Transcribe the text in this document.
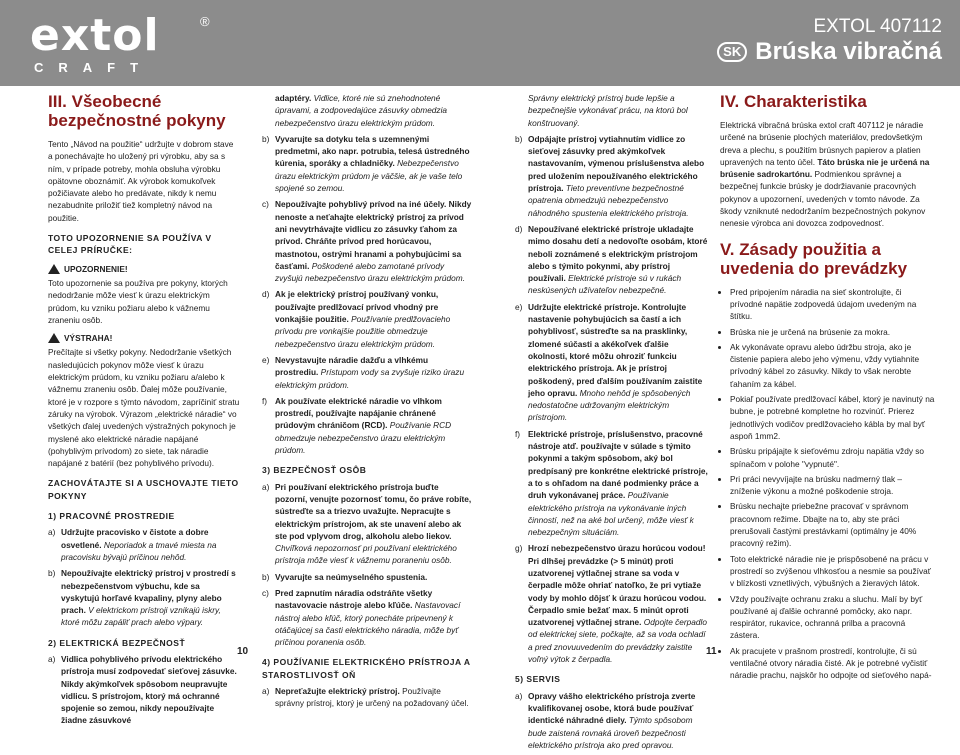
extol	®
CRAFT
EXTOL 407112
SK Brúska vibračná
III. Všeobecné bezpečnostné pokyny

Tento „Návod na použitie“ udržujte v dobrom stave a ponechávajte ho uložený pri výrobku, aby sa s ním, v prípade potreby, mohla obsluha výrobku opätovne oboznámiť. Ak výrobok komukoľvek požičiavate alebo ho predávate, nikdy k nemu nezabudnite priložiť tiež kompletný návod na použitie.

TOTO UPOZORNENIE SA POUŽÍVA V CELEJ PRÍRUČKE:
UPOZORNENIE!

Toto upozornenie sa používa pre pokyny, ktorých nedodržanie môže viesť k úrazu elektrickým prúdom, ku vzniku požiaru alebo k vážnemu zraneniu osôb.

VÝSTRAHA!

Prečítajte si všetky pokyny. Nedodržanie všetkých nasledujúcich pokynov môže viesť k úrazu elektrickým prúdom, ku vzniku požiaru a/alebo k vážnemu zraneniu osôb. Ďalej môže používanie, ktoré je v rozpore s týmto návodom, zapríčiniť stratu záruky na výrobok. Výrazom „elektrické náradie“ vo všetkých ďalej uvedených výstražných pokynoch je myslené ako elektrické náradie napájané (pohyblivým prívodom) zo siete, tak náradie napájané z batérií (bez pohyblivého prívodu).

ZACHOVÁTAJTE SI A USCHOVAJTE TIETO POKYNY
1) PRACOVNÉ PROSTREDIE
a) Udržujte pracovisko v čistote a dobre osvetlené. Neporiadok a tmavé miesta na pracovisku bývajú príčinou nehôd.
b) Nepoužívajte elektrický prístroj v prostredí s nebezpečenstvom výbuchu, kde sa vyskytujú horľavé kvapaliny, plyny alebo prach. V elektrickom prístroji vznikajú iskry, ktoré môžu zapáliť prach alebo výpary.
2) ELEKTRICKÁ BEZPEČNOSŤ
a) Vidlica pohyblivého prívodu elektrického prístroja musí zodpovedať sieťovej zásuvke. Nikdy akýmkoľvek spôsobom neupravujte vidlicu. S prístrojom, ktorý má ochranné spojenie so zemou, nikdy nepoužívajte žiadne zásuvkové
adaptéry. Vidlice, ktoré nie sú znehodnotené úpravami, a zodpovedajúce zásuvky obmedzia nebezpečenstvo úrazu elektrickým prúdom.
b) Vyvarujte sa dotyku tela s uzemnenými predmetmi, ako napr. potrubia, telesá ústredného kúrenia, sporáky a chladničky. Nebezpečenstvo úrazu elektrickým prúdom je väčšie, ak je vaše telo spojené so zemou.
c) Nepoužívajte pohyblivý prívod na iné účely. Nikdy nenoste a neťahajte elektrický prístroj za prívod ani nevytrhávajte vidlicu zo zásuvky ťahom za prívod. Chráňte prívod pred horúcavou, mastnotou, ostrými hranami a pohybujúcimi sa časťami. Poškodené alebo zamotané prívody zvyšujú nebezpečenstvo úrazu elektrickým prúdom.
d) Ak je elektrický prístroj používaný vonku, používajte predlžovací prívod vhodný pre vonkajšie použitie. Používanie predlžovacieho prívodu pre vonkajšie použitie obmedzuje nebezpečenstvo úrazu elektrickým prúdom.
e) Nevystavujte náradie dažďu a vlhkému prostrediu. Prístupom vody sa zvyšuje riziko úrazu elektrickým prúdom.
f) Ak používate elektrické náradie vo vlhkom prostredí, používajte napájanie chránené prúdovým chráničom (RCD). Používanie RCD obmedzuje nebezpečenstvo úrazu elektrickým prúdom.
3) BEZPEČNOSŤ OSÔB
a) Pri používaní elektrického prístroja buďte pozorní, venujte pozornosť tomu, čo práve robíte, sústreďte sa a triezvo uvažujte. Nepracujte s elektrickým prístrojom, ak ste unavení alebo ak ste pod vplyvom drog, alkoholu alebo liekov. Chvíľková nepozornosť pri používaní elektrického prístroja môže viesť k vážnemu poraneniu osôb.
b) Vyvarujte sa neúmyselného spustenia.
c) Pred zapnutím náradia odstráňte všetky nastavovacie nástroje alebo kľúče. Nastavovací nástroj alebo kľúč, ktorý ponecháte pripevnený k otáčajúcej sa časti elektrického náradia, môže byť príčinou poranenia osôb.
4) POUŽÍVANIE ELEKTRICKÉHO PRÍSTROJA A STAROSTLIVOSŤ OŇ
a) Nepreťažujte elektrický prístroj. Používajte správny prístroj, ktorý je určený na požadovaný účel.
Správny elektrický prístroj bude lepšie a bezpečnejšie vykonávať prácu, na ktorú bol konštruovaný.
b) Odpájajte prístroj vytiahnutím vidlice zo sieťovej zásuvky pred akýmkoľvek nastavovaním, výmenou príslušenstva alebo pred uložením nepoužívaného elektrického prístroja. Tieto preventívne bezpečnostné opatrenia obmedzujú nebezpečenstvo náhodného spustenia elektrického prístroja.
d) Nepoužívané elektrické prístroje ukladajte mimo dosahu detí a nedovoľte osobám, ktoré neboli zoznámené s elektrickým prístrojom alebo s týmito pokynmi, aby prístroj používali. Elektrické prístroje sú v rukách neskúsených užívateľov nebezpečné.
e) Udržujte elektrické prístroje. Kontrolujte nastavenie pohybujúcich sa častí a ich pohyblivosť, sústreďte sa na prasklinky, zlomené súčasti a akékoľvek ďalšie okolnosti, ktoré môžu ohroziť funkciu elektrického prístroja. Ak je prístroj poškodený, pred ďalším používaním zaistite jeho opravu. Mnoho nehôd je spôsobených nedostatočne udržovaným elektrickým prístrojom.
f) Elektrické prístroje, príslušenstvo, pracovné nástroje atď. používajte v súlade s týmito pokynmi a takým spôsobom, aký bol predpísaný pre konkrétne elektrické prístroje, a to s ohľadom na dané podmienky práce a druh vykonávanej práce. Používanie elektrického prístroja na vykonávanie iných činností, než na aké bol určený, môže viesť k nebezpečným situáciám.
g) Hrozí nebezpečenstvo úrazu horúcou vodou! Pri dlhšej prevádzke (> 5 minút) proti uzatvorenej výtlačnej strane sa voda v čerpadle môže ohriať natoľko, že pri vytiaže vody by mohlo dôjsť k úrazu horúcou vodou. Čerpadlo smie bežať max. 5 minút oproti uzatvorenej výtlačnej strane. Odpojte čerpadlo od elektrickej siete, počkajte, až sa voda ochladí a pred znovuuvedením do prevádzky zaistite voľný výtok z čerpadla.
5) SERVIS
a) Opravy vášho elektrického prístroja zverte kvalifikovanej osobe, ktorá bude používať identické náhradné diely. Týmto spôsobom bude zaistená rovnaká úroveň bezpečnosti elektrického prístroja ako pred opravou.
IV. Charakteristika

Elektrická vibračná brúska extol craft 407112 je náradie určené na brúsenie plochých materiálov, predovšetkým dreva a plechu, s použitím brúsnych papierov a platien upravených na tento účel. Táto brúska nie je určená na brúsenie sadrokartónu. Podmienkou správnej a bezpečnej funkcie brúsky je dodržiavanie pracovných pokynov a upozornení, uvedených v tomto návode. Za škody vzniknuté nedodržaním bezpečnostných pokynov nenesie výrobca ani dovozca zodpovednosť.

V. Zásady použitia a uvedenia do prevádzky
• Pred pripojením náradia na sieť skontrolujte, či prívodné napätie zodpovedá údajom uvedeným na štítku.
• Brúska nie je určená na brúsenie za mokra.
• Ak vykonávate opravu alebo údržbu stroja, ako je čistenie papiera alebo jeho výmenu, vždy vytiahnite prívodný kábel zo zásuvky. Nikdy to však nerobte ťahaním za kábel.
• Pokiaľ používate predlžovací kábel, ktorý je navinutý na bubne, je potrebné kompletne ho rozvinúť. Prierez jednotlivých vodičov predlžovacieho kábla by mal byť aspoň 1mm2.
• Brúsku pripájajte k sieťovému zdroju napätia vždy so spínačom v polohe "vypnuté".
• Pri práci nevyvíjajte na brúsku nadmerný tlak – zníženie výkonu a možné poškodenie stroja.
• Brúsku nechajte priebežne pracovať v správnom pracovnom režime. Dbajte na to, aby ste práci prerušovali častými prestávkami (optimálny je 40% pracovný režim).
• Toto elektrické náradie nie je prispôsobené na prácu v prostredí so zvýšenou vlhkosťou a nesmie sa používať v blízkosti vznetlivých, výbušných a žieravých látok.
• Vždy používajte ochranu zraku a sluchu. Malí by byť používané aj ďalšie ochranné pomôcky, ako napr. respirátor, rukavice, ochranná prilba a pracovná zástera.
• Ak pracujete v prašnom prostredí, kontrolujte, či sú ventilačné otvory náradia čisté. Ak je potrebné vyčistiť náradie prachu, najskôr ho odpojte od sieťového napá-
10	11
